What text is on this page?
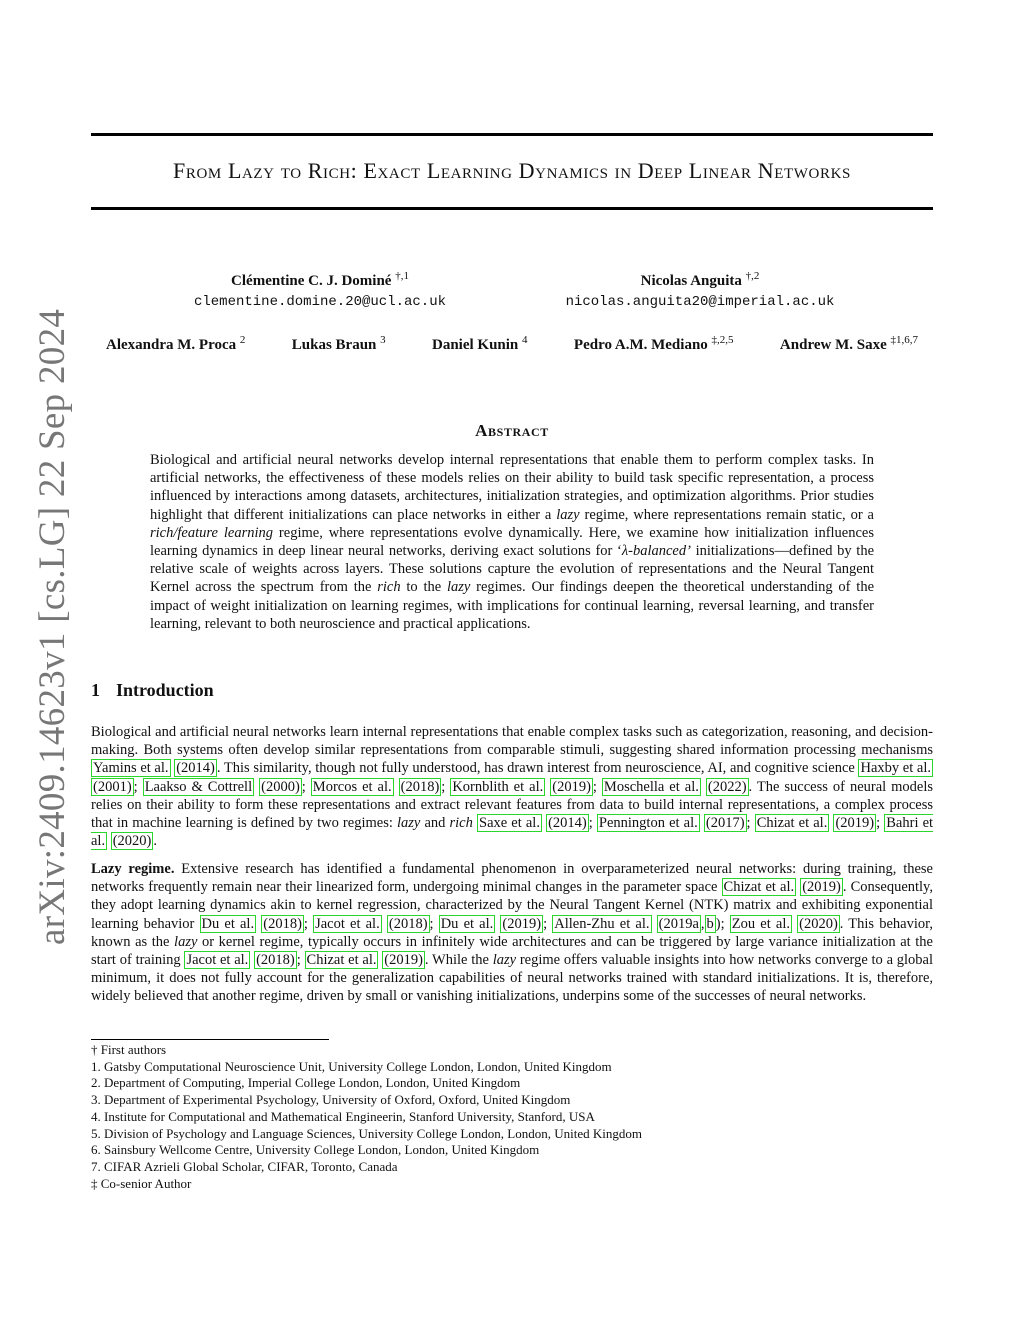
arXiv:2409.14623v1 [cs.LG] 22 Sep 2024
From Lazy to Rich: Exact Learning Dynamics in Deep Linear Networks
Clémentine C. J. Dominé $^{\dagger,1}$
clementine.domine.20@ucl.ac.uk
Nicolas Anguita $^{\dagger,2}$
nicolas.anguita20@imperial.ac.uk
Alexandra M. Proca $^2$	Lukas Braun $^3$	Daniel Kunin $^4$	Pedro A.M. Mediano $^{\ddagger,2,5}$	Andrew M. Saxe $^{\ddagger 1,6,7}$
Abstract
Biological and artificial neural networks develop internal representations that enable them to perform complex tasks. In artificial networks, the effectiveness of these models relies on their ability to build task specific representation, a process influenced by interactions among datasets, architectures, initialization strategies, and optimization algorithms. Prior studies highlight that different initializations can place networks in either a lazy regime, where representations remain static, or a rich/feature learning regime, where representations evolve dynamically. Here, we examine how initialization influences learning dynamics in deep linear neural networks, deriving exact solutions for ‘λ-balanced’ initializations—defined by the relative scale of weights across layers. These solutions capture the evolution of representations and the Neural Tangent Kernel across the spectrum from the rich to the lazy regimes. Our findings deepen the theoretical understanding of the impact of weight initialization on learning regimes, with implications for continual learning, reversal learning, and transfer learning, relevant to both neuroscience and practical applications.
1 Introduction
Biological and artificial neural networks learn internal representations that enable complex tasks such as categorization, reasoning, and decision-making. Both systems often develop similar representations from comparable stimuli, suggesting shared information processing mechanisms Yamins et al. (2014) . This similarity, though not fully understood, has drawn interest from neuroscience, AI, and cognitive science Haxby et al. (2001) ; Laakso & Cottrell (2000) ; Morcos et al. (2018) ; Kornblith et al. (2019) ; Moschella et al. (2022) . The success of neural models relies on their ability to form these representations and extract relevant features from data to build internal representations, a complex process that in machine learning is defined by two regimes: lazy and rich Saxe et al. (2014) ; Pennington et al. (2017) ; Chizat et al. (2019) ; Bahri et al. (2020) .
Lazy regime. Extensive research has identified a fundamental phenomenon in overparameterized neural networks: during training, these networks frequently remain near their linearized form, undergoing minimal changes in the parameter space Chizat et al. (2019) . Consequently, they adopt learning dynamics akin to kernel regression, characterized by the Neural Tangent Kernel (NTK) matrix and exhibiting exponential learning behavior Du et al. (2018) ; Jacot et al. (2018) ; Du et al. (2019) ; Allen-Zhu et al. (2019a , b ); Zou et al. (2020) . This behavior, known as the lazy or kernel regime, typically occurs in infinitely wide architectures and can be triggered by large variance initialization at the start of training Jacot et al. (2018) ; Chizat et al. (2019) . While the lazy regime offers valuable insights into how networks converge to a global minimum, it does not fully account for the generalization capabilities of neural networks trained with standard initializations. It is, therefore, widely believed that another regime, driven by small or vanishing initializations, underpins some of the successes of neural networks.
† First authors
1. Gatsby Computational Neuroscience Unit, University College London, London, United Kingdom
2. Department of Computing, Imperial College London, London, United Kingdom
3. Department of Experimental Psychology, University of Oxford, Oxford, United Kingdom
4. Institute for Computational and Mathematical Engineerin, Stanford University, Stanford, USA
5. Division of Psychology and Language Sciences, University College London, London, United Kingdom
6. Sainsbury Wellcome Centre, University College London, London, United Kingdom
7. CIFAR Azrieli Global Scholar, CIFAR, Toronto, Canada
‡ Co-senior Author
